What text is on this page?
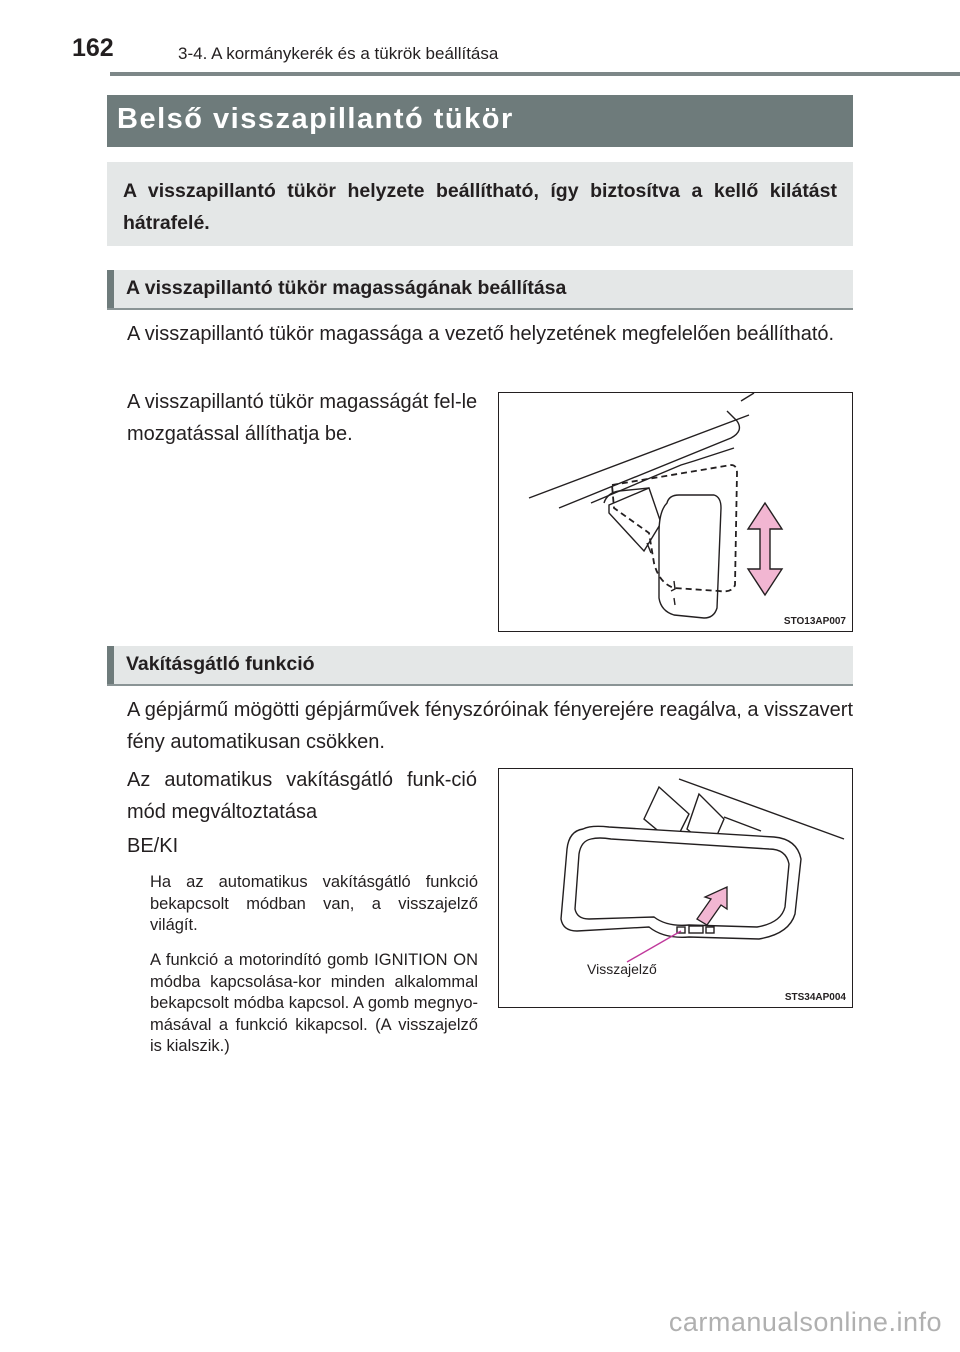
162	3-4. A kormánykerék és a tükrök beállítása
Belső visszapillantó tükör

A visszapillantó tükör helyzete beállítható, így biztosítva a kellő kilátást hátrafelé.

A visszapillantó tükör magasságának beállítása

A visszapillantó tükör magassága a vezető helyzetének megfelelően beállítható.

A visszapillantó tükör magasságát fel-le mozgatással állíthatja be.

STO13AP007
Vakításgátló funkció

A gépjármű mögötti gépjárművek fényszóróinak fényerejére reagálva, a visszavert fény automatikusan csökken.

Az automatikus vakításgátló funk-ció mód megváltoztatása

BE/KI

Ha az automatikus vakításgátló funkció bekapcsolt módban van, a visszajelző világít.

A funkció a motorindító gomb IGNITION ON módba kapcsolása-kor minden alkalommal bekapcsolt módba kapcsol. A gomb megnyo-másával a funkció kikapcsol. (A visszajelző is kialszik.)

Visszajelző
STS34AP004
carmanualsonline.info
